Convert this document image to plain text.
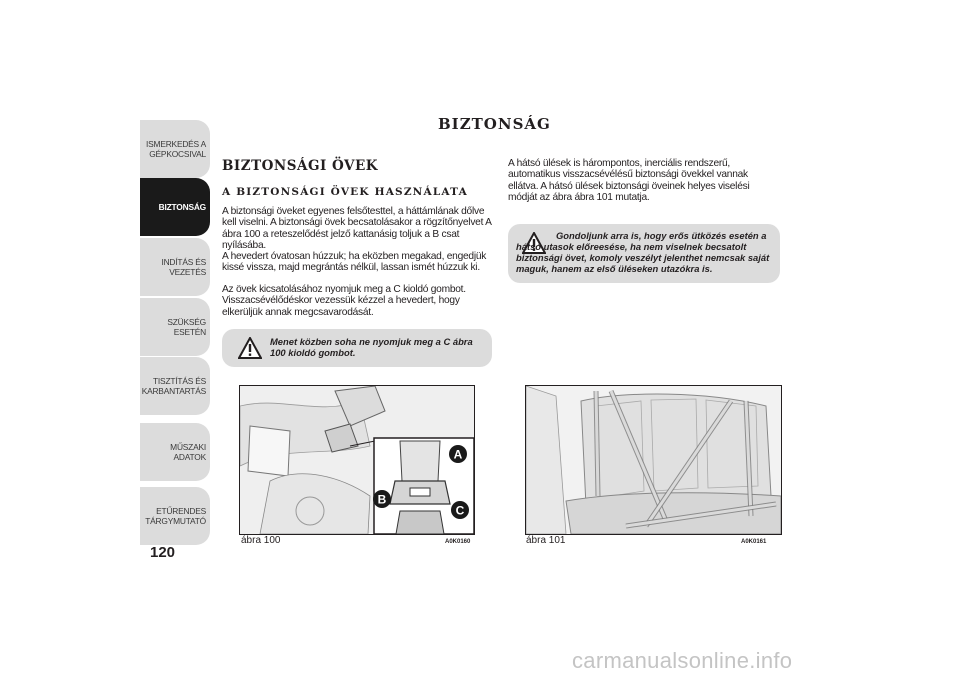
ISMERKEDÉS A
GÉPKOCSIVAL
BIZTONSÁG
INDÍTÁS ÉS VEZETÉS
SZÜKSÉG ESETÉN
TISZTÍTÁS ÉS
KARBANTARTÁS
MŰSZAKI ADATOK
ETŰRENDES
TÁRGYMUTATÓ
120
BIZTONSÁG
BIZTONSÁGI ÖVEK
A BIZTONSÁGI ÖVEK HASZNÁLATA
A biztonsági öveket egyenes felsőtesttel, a háttámlának dőlve kell viselni. A biztonsági övek becsatolásakor a rögzítőnyelvet A ábra 100 a reteszelődést jelző kattanásig toljuk a B csat nyílásába.
A hevedert óvatosan húzzuk; ha eközben megakad, engedjük kissé vissza, majd megrántás nélkül, lassan ismét húzzuk ki.
Az övek kicsatolásához nyomjuk meg a C kioldó gombot. Visszacsévélődéskor vezessük kézzel a hevedert, hogy elkerüljük annak megcsavarodását.
Menet közben soha ne nyomjuk meg a C ábra 100 kioldó gombot.
A hátsó ülések is hárompontos, inerciális rendszerű, automatikus visszacsévélésű biztonsági övekkel vannak ellátva. A hátsó ülések biztonsági öveinek helyes viselési módját az ábra ábra 101 mutatja.
Gondoljunk arra is, hogy erős ütközés esetén a hátsó utasok előreesése, ha nem viselnek becsatolt biztonsági övet, komoly veszélyt jelenthet nemcsak saját maguk, hanem az első üléseken utazókra is.
A
B
C
ábra 100	A0K0160	ábra 101	A0K0161
carmanualsonline.info
